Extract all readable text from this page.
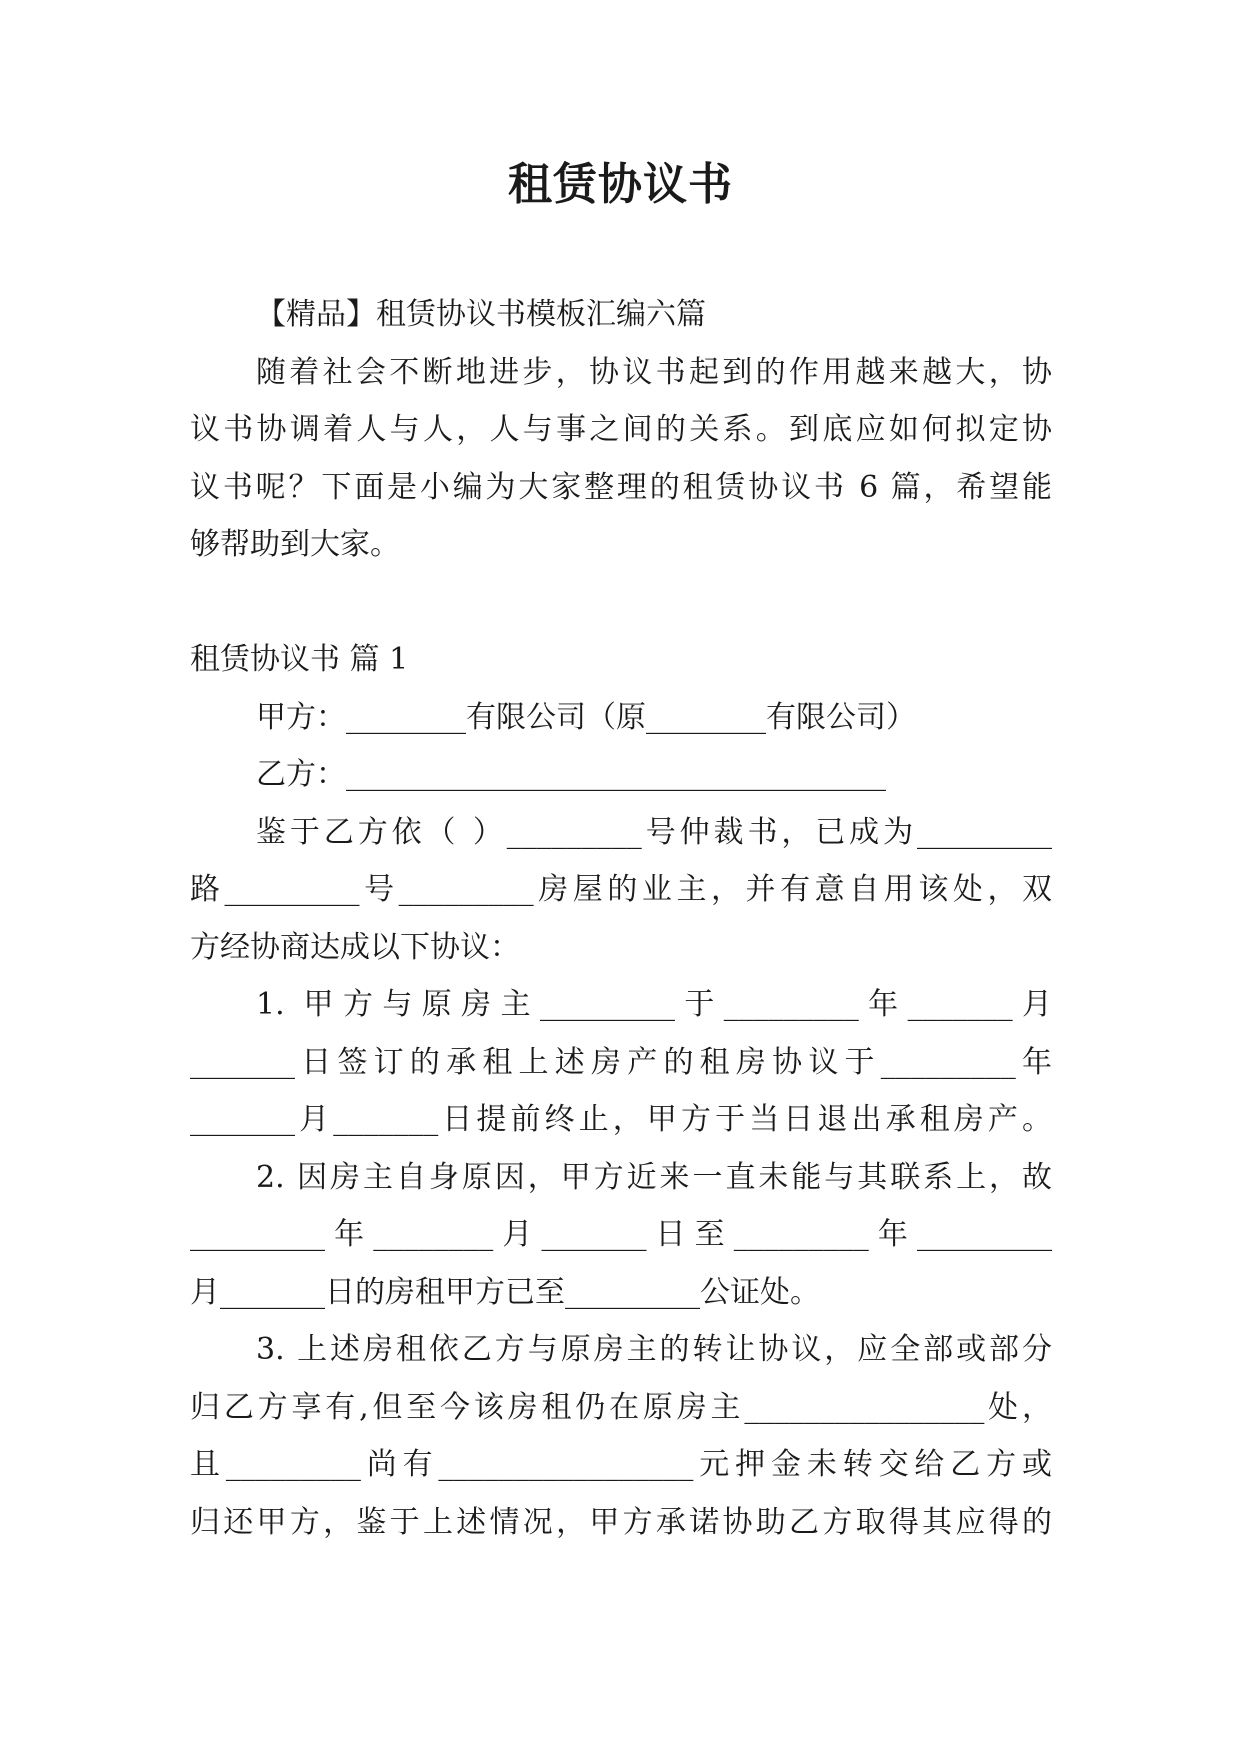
租赁协议书
【精品】租赁协议书模板汇编六篇
随着社会不断地进步，协议书起到的作用越来越大，协
议书协调着人与人，人与事之间的关系。到底应如何拟定协
议书呢？下面是小编为大家整理的租赁协议书 6 篇，希望能
够帮助到大家。
租赁协议书 篇 1
甲方：________有限公司（原________有限公司）
乙方：____________________________________
鉴于乙方依（ ）_________号仲裁书，已成为_________
路_________号_________房屋的业主，并有意自用该处，双
方经协商达成以下协议：
1. 甲方与原房主_________于_________年_______月
_______日签订的承租上述房产的租房协议于_________年
_______月_______日提前终止，甲方于当日退出承租房产。
2. 因房主自身原因，甲方近来一直未能与其联系上，故
_________年________月_______日至_________年_________
月_______日的房租甲方已至_________公证处。
3. 上述房租依乙方与原房主的转让协议，应全部或部分
归乙方享有,但至今该房租仍在原房主________________处，
且_________尚有_________________元押金未转交给乙方或
归还甲方，鉴于上述情况，甲方承诺协助乙方取得其应得的
